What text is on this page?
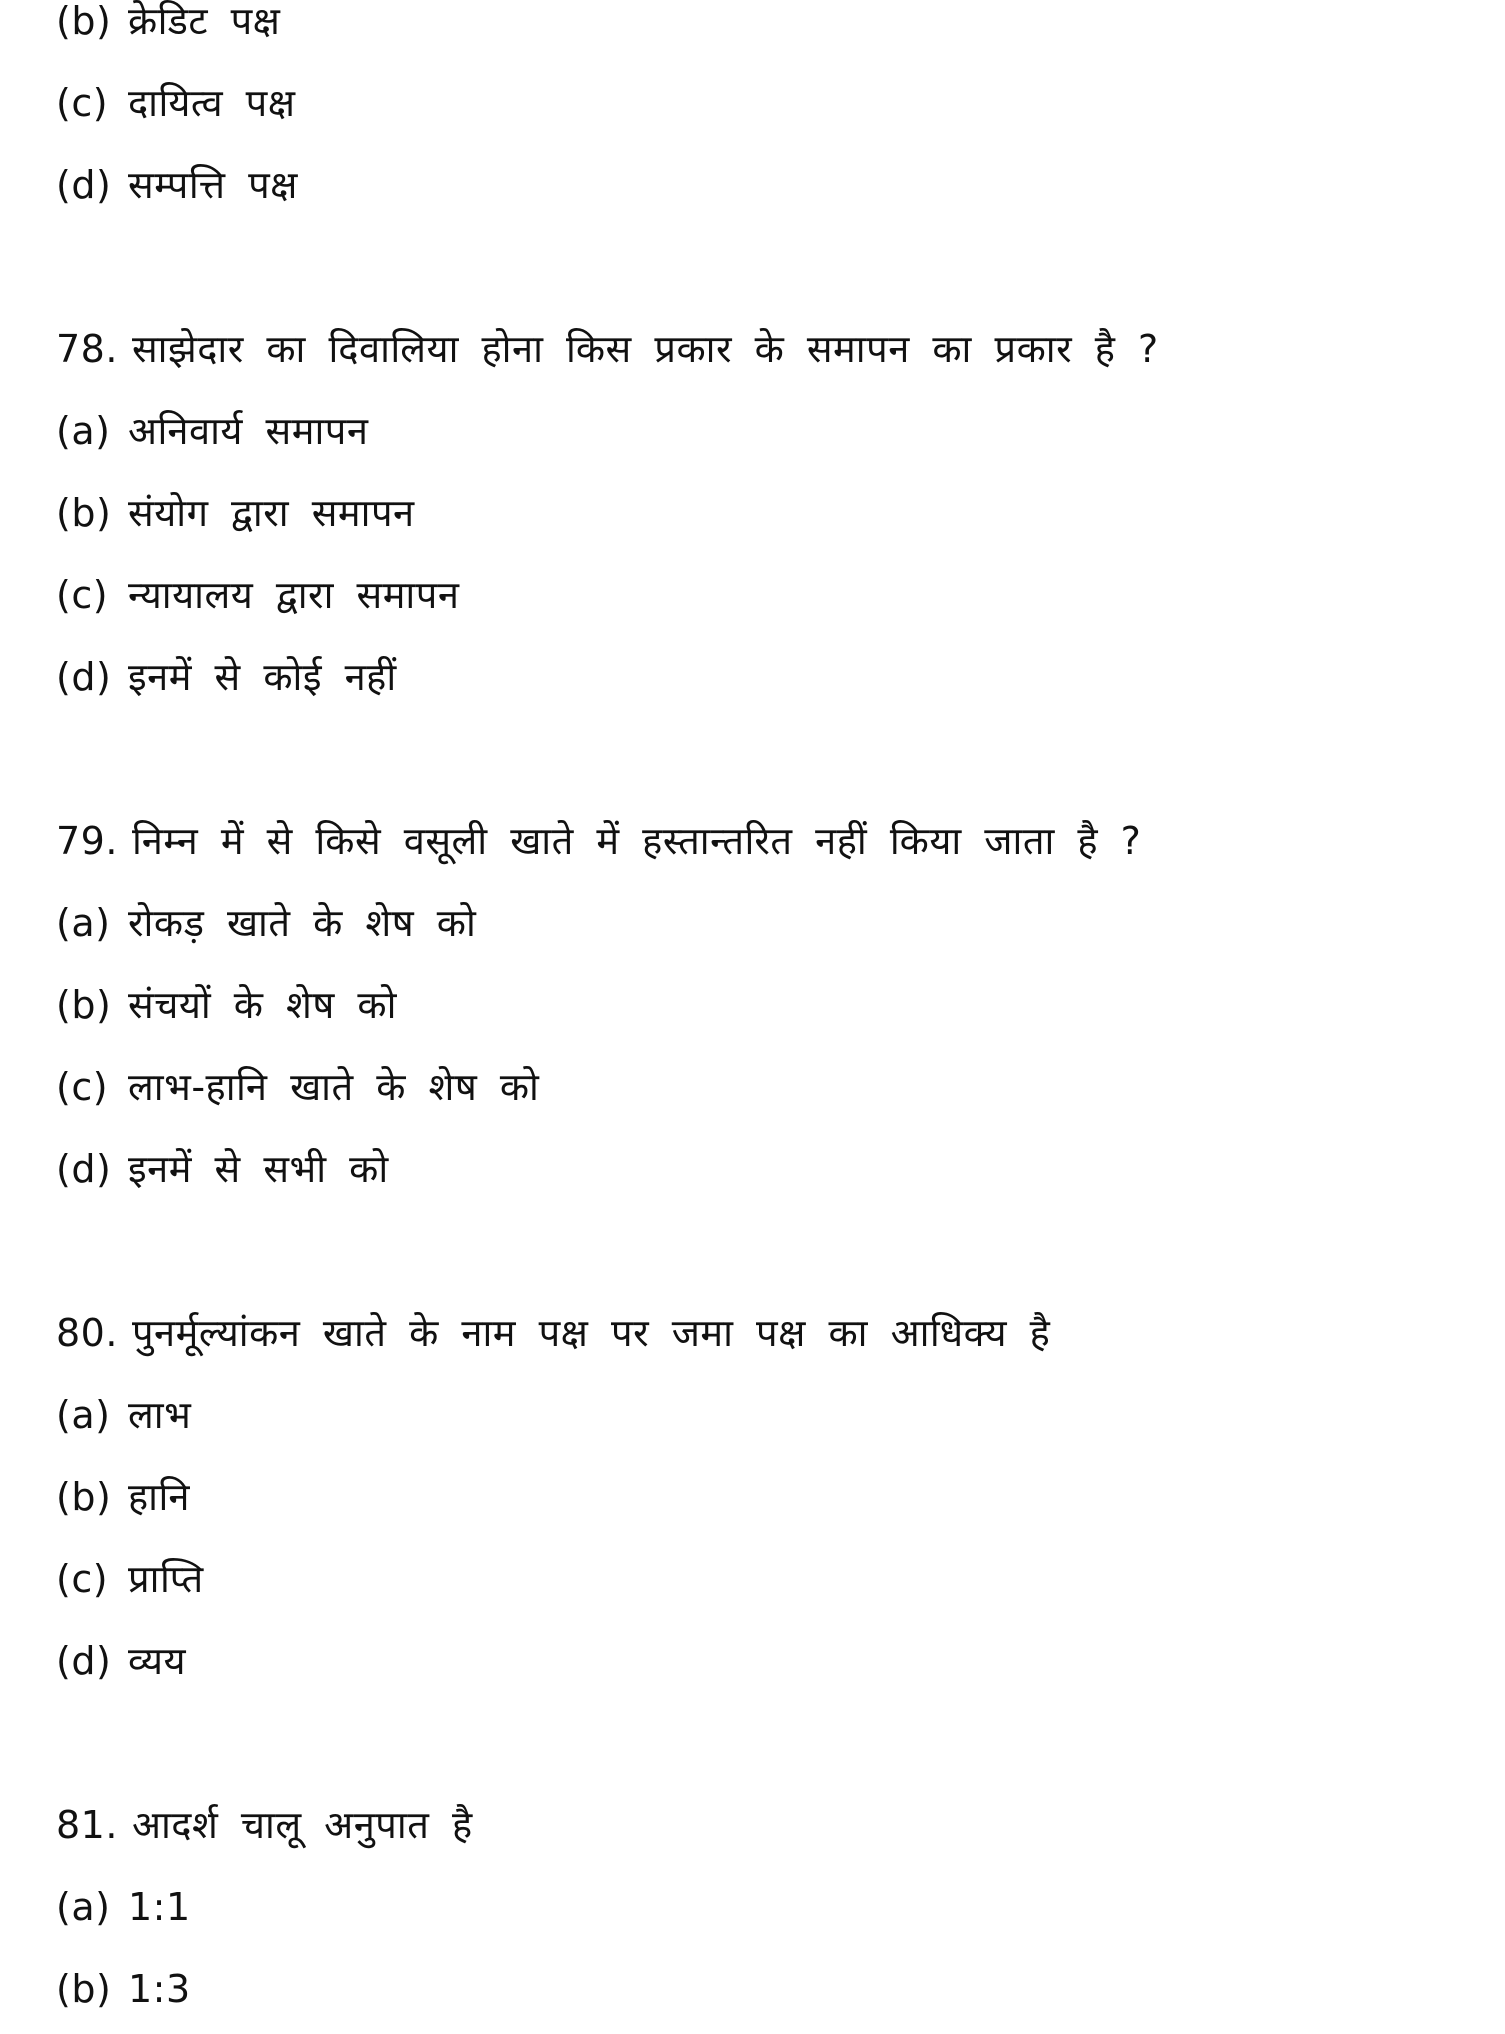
(b) क्रेडिट पक्ष
(c) दायित्व पक्ष
(d) सम्पत्ति पक्ष
78. साझेदार का दिवालिया होना किस प्रकार के समापन का प्रकार है ?
(a) अनिवार्य समापन
(b) संयोग द्वारा समापन
(c) न्यायालय द्वारा समापन
(d) इनमें से कोई नहीं
79. निम्न में से किसे वसूली खाते में हस्तान्तरित नहीं किया जाता है ?
(a) रोकड़ खाते के शेष को
(b) संचयों के शेष को
(c) लाभ-हानि खाते के शेष को
(d) इनमें से सभी को
80. पुनर्मूल्यांकन खाते के नाम पक्ष पर जमा पक्ष का आधिक्य है
(a) लाभ
(b) हानि
(c) प्राप्ति
(d) व्यय
81. आदर्श चालू अनुपात है
(a) 1:1
(b) 1:3
